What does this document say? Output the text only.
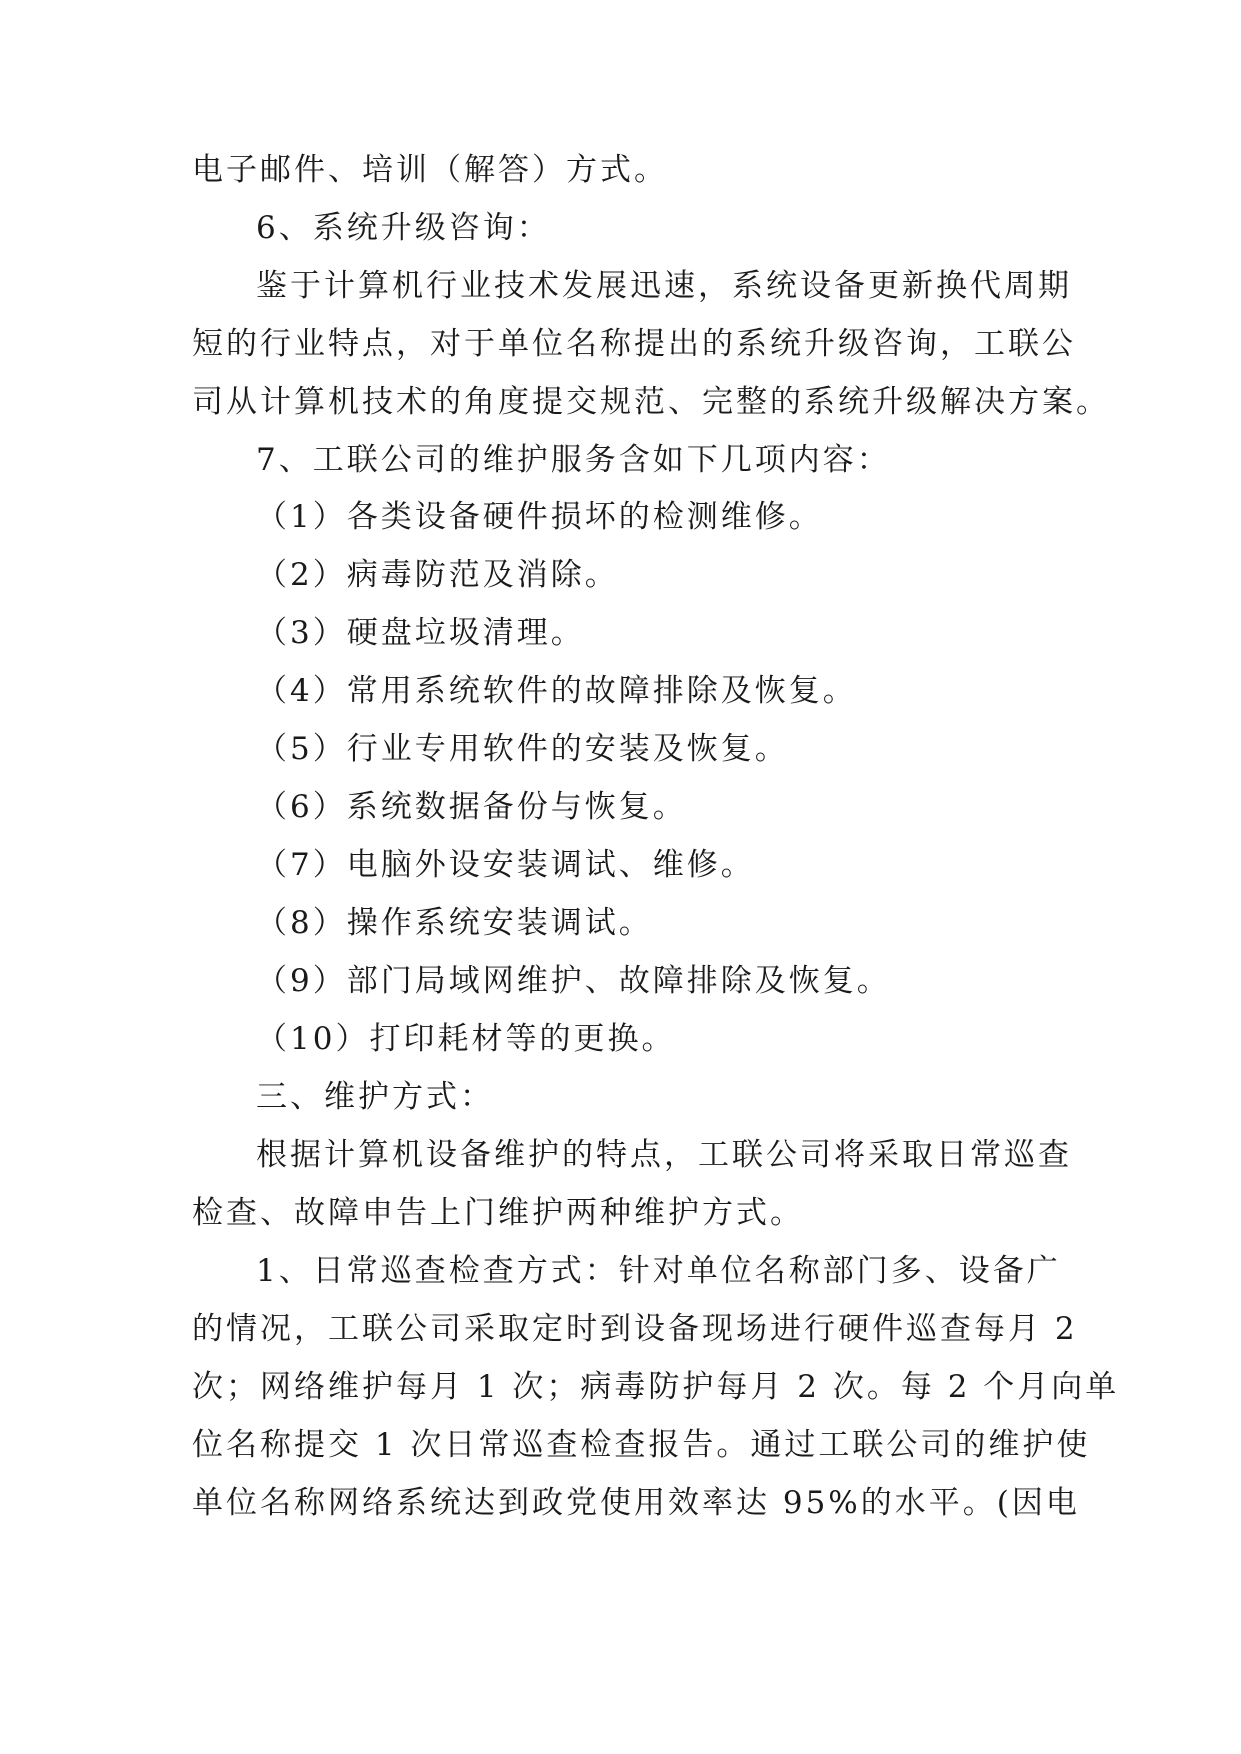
电子邮件、培训（解答）方式。
6、系统升级咨询：
鉴于计算机行业技术发展迅速，系统设备更新换代周期
短的行业特点，对于单位名称提出的系统升级咨询，工联公
司从计算机技术的角度提交规范、完整的系统升级解决方案。
7、工联公司的维护服务含如下几项内容：
（1）各类设备硬件损坏的检测维修。
（2）病毒防范及消除。
（3）硬盘垃圾清理。
（4）常用系统软件的故障排除及恢复。
（5）行业专用软件的安装及恢复。
（6）系统数据备份与恢复。
（7）电脑外设安装调试、维修。
（8）操作系统安装调试。
（9）部门局域网维护、故障排除及恢复。
（10）打印耗材等的更换。
三、维护方式：
根据计算机设备维护的特点，工联公司将采取日常巡查
检查、故障申告上门维护两种维护方式。
1、日常巡查检查方式：针对单位名称部门多、设备广
的情况，工联公司采取定时到设备现场进行硬件巡查每月 2
次；网络维护每月 1 次；病毒防护每月 2 次。每 2 个月向单
位名称提交 1 次日常巡查检查报告。通过工联公司的维护使
单位名称网络系统达到政党使用效率达 95%的水平。(因电
